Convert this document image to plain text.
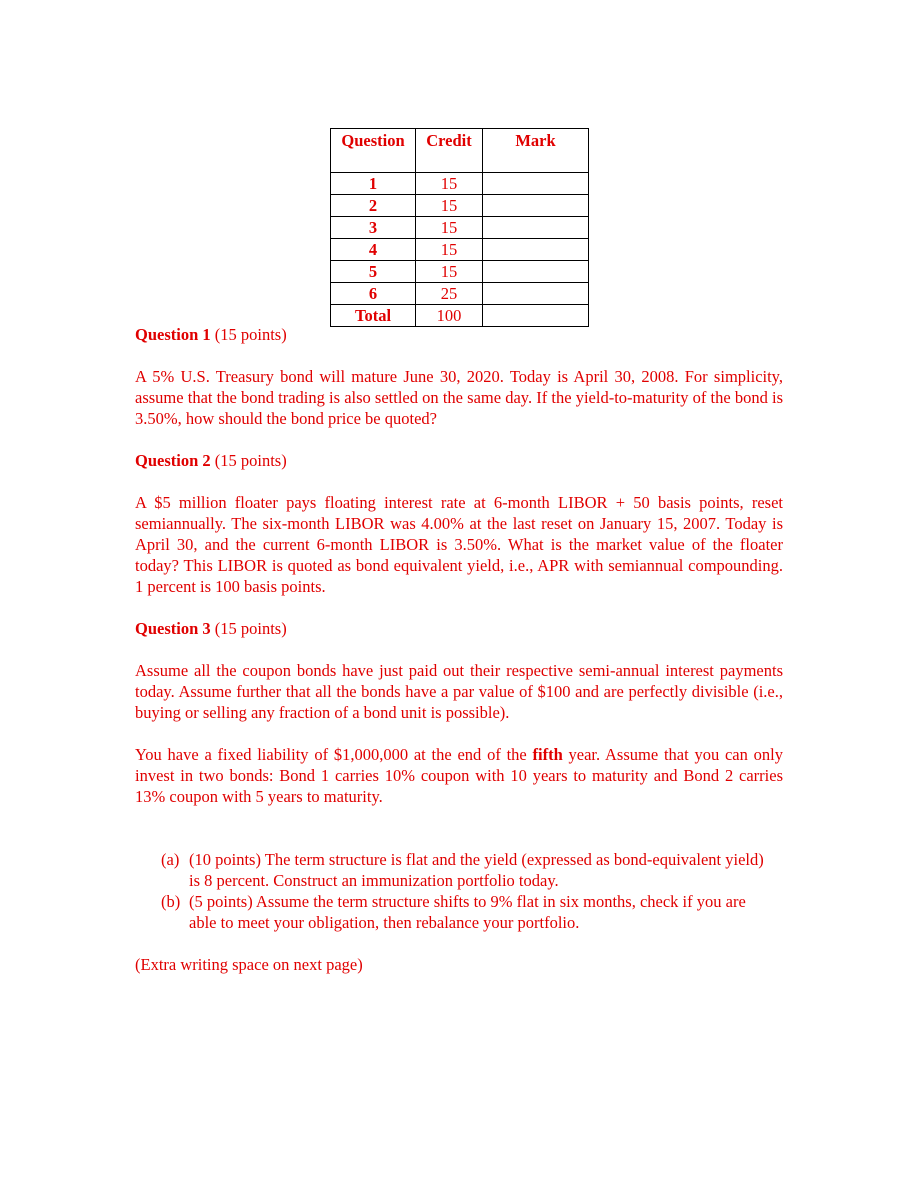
Question	Credit	Mark
1	15	
2	15	
3	15	
4	15	
5	15	
6	25	
Total	100	

Question 1 (15 points)

A 5% U.S. Treasury bond will mature June 30, 2020. Today is April 30, 2008. For simplicity, assume that the bond trading is also settled on the same day. If the yield-to-maturity of the bond is 3.50%, how should the bond price be quoted?

Question 2 (15 points)

A $5 million floater pays floating interest rate at 6-month LIBOR + 50 basis points, reset semiannually. The six-month LIBOR was 4.00% at the last reset on January 15, 2007. Today is April 30, and the current 6-month LIBOR is 3.50%. What is the market value of the floater today? This LIBOR is quoted as bond equivalent yield, i.e., APR with semiannual compounding. 1 percent is 100 basis points.

Question 3 (15 points)

Assume all the coupon bonds have just paid out their respective semi-annual interest payments today. Assume further that all the bonds have a par value of $100 and are perfectly divisible (i.e., buying or selling any fraction of a bond unit is possible).

You have a fixed liability of $1,000,000 at the end of the fifth year. Assume that you can only invest in two bonds: Bond 1 carries 10% coupon with 10 years to maturity and Bond 2 carries 13% coupon with 5 years to maturity.

(a) (10 points) The term structure is flat and the yield (expressed as bond-equivalent yield) is 8 percent. Construct an immunization portfolio today.
(b) (5 points) Assume the term structure shifts to 9% flat in six months, check if you are able to meet your obligation, then rebalance your portfolio.

(Extra writing space on next page)
